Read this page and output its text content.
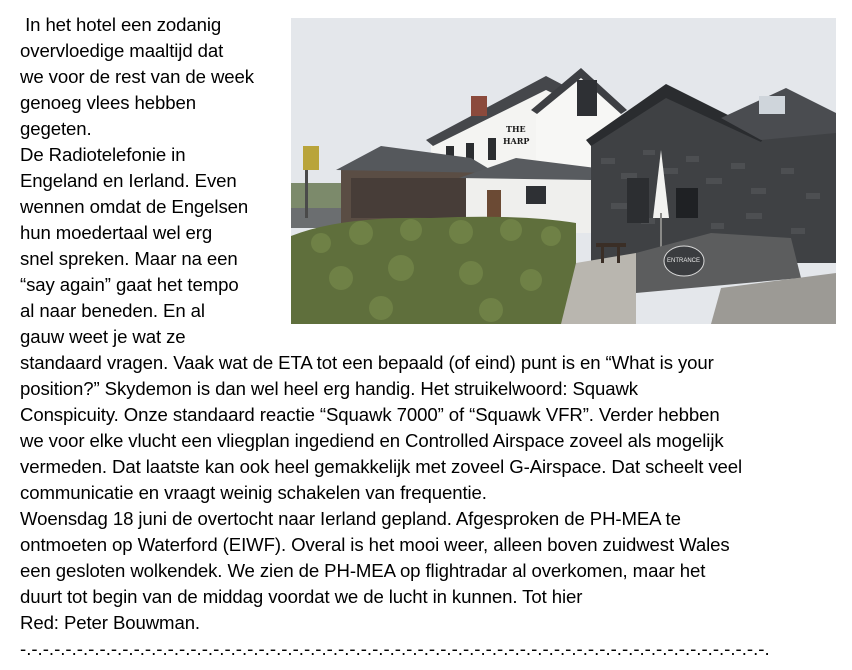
THE
HARP
ENTRANCE
In het hotel een zodanig
overvloedige maaltijd dat
we voor de rest van de week
genoeg vlees hebben
gegeten.
De Radiotelefonie in
Engeland en Ierland. Even
wennen omdat de Engelsen
hun moedertaal wel erg
snel spreken. Maar na een
“say again” gaat het tempo
al naar beneden. En al
gauw weet je wat ze
standaard vragen. Vaak wat de ETA tot een bepaald (of eind) punt is en “What is your
position?” Skydemon is dan wel heel erg handig. Het struikelwoord: Squawk
Conspicuity. Onze standaard reactie “Squawk 7000” of “Squawk VFR”. Verder hebben
we voor elke vlucht een vliegplan ingediend en Controlled Airspace zoveel als mogelijk
vermeden. Dat laatste kan ook heel gemakkelijk met zoveel G-Airspace. Dat scheelt veel
communicatie en vraagt weinig schakelen van frequentie.
Woensdag 18 juni de overtocht naar Ierland gepland. Afgesproken de PH-MEA te
ontmoeten op Waterford (EIWF). Overal is het mooi weer, alleen boven zuidwest Wales
een gesloten wolkendek. We zien de PH-MEA op flightradar al overkomen, maar het
duurt tot begin van de middag voordat we de lucht in kunnen. Tot hier
Red: Peter Bouwman.
-.-.-.-.-.-.-.-.-.-.-.-.-.-.-.-.-.-.-.-.-.-.-.-.-.-.-.-.-.-.-.-.-.-.-.-.-.-.-.-.-.-.-.-.-.-.-.-.-.-.-.-.-.-.-.-.-.-.-.-.-.-.-.-.-.-.
